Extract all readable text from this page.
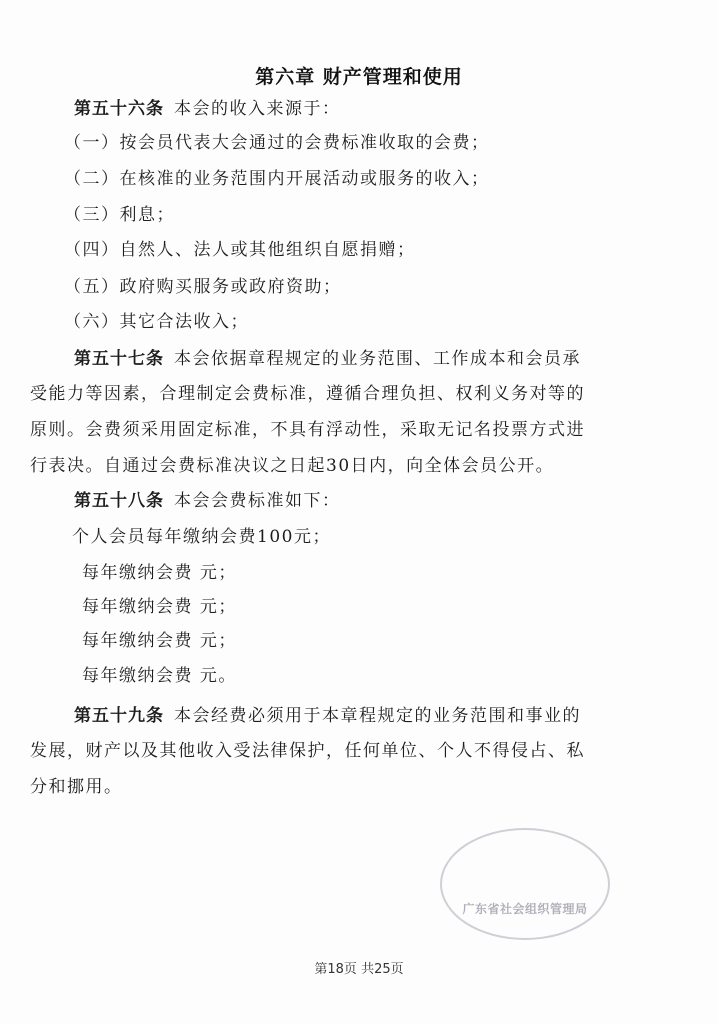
第六章 财产管理和使用
第五十六条 本会的收入来源于：
（一）按会员代表大会通过的会费标准收取的会费；
（二）在核准的业务范围内开展活动或服务的收入；
（三）利息；
（四）自然人、法人或其他组织自愿捐赠；
（五）政府购买服务或政府资助；
（六）其它合法收入；
第五十七条 本会依据章程规定的业务范围、工作成本和会员承
受能力等因素，合理制定会费标准，遵循合理负担、权利义务对等的
原则。会费须采用固定标准，不具有浮动性，采取无记名投票方式进
行表决。自通过会费标准决议之日起30日内，向全体会员公开。
第五十八条 本会会费标准如下：
个人会员每年缴纳会费100元；
每年缴纳会费 元；
每年缴纳会费 元；
每年缴纳会费 元；
每年缴纳会费 元。
第五十九条 本会经费必须用于本章程规定的业务范围和事业的
发展，财产以及其他收入受法律保护，任何单位、个人不得侵占、私
分和挪用。
广东省社会组织管理局
第18页 共25页
